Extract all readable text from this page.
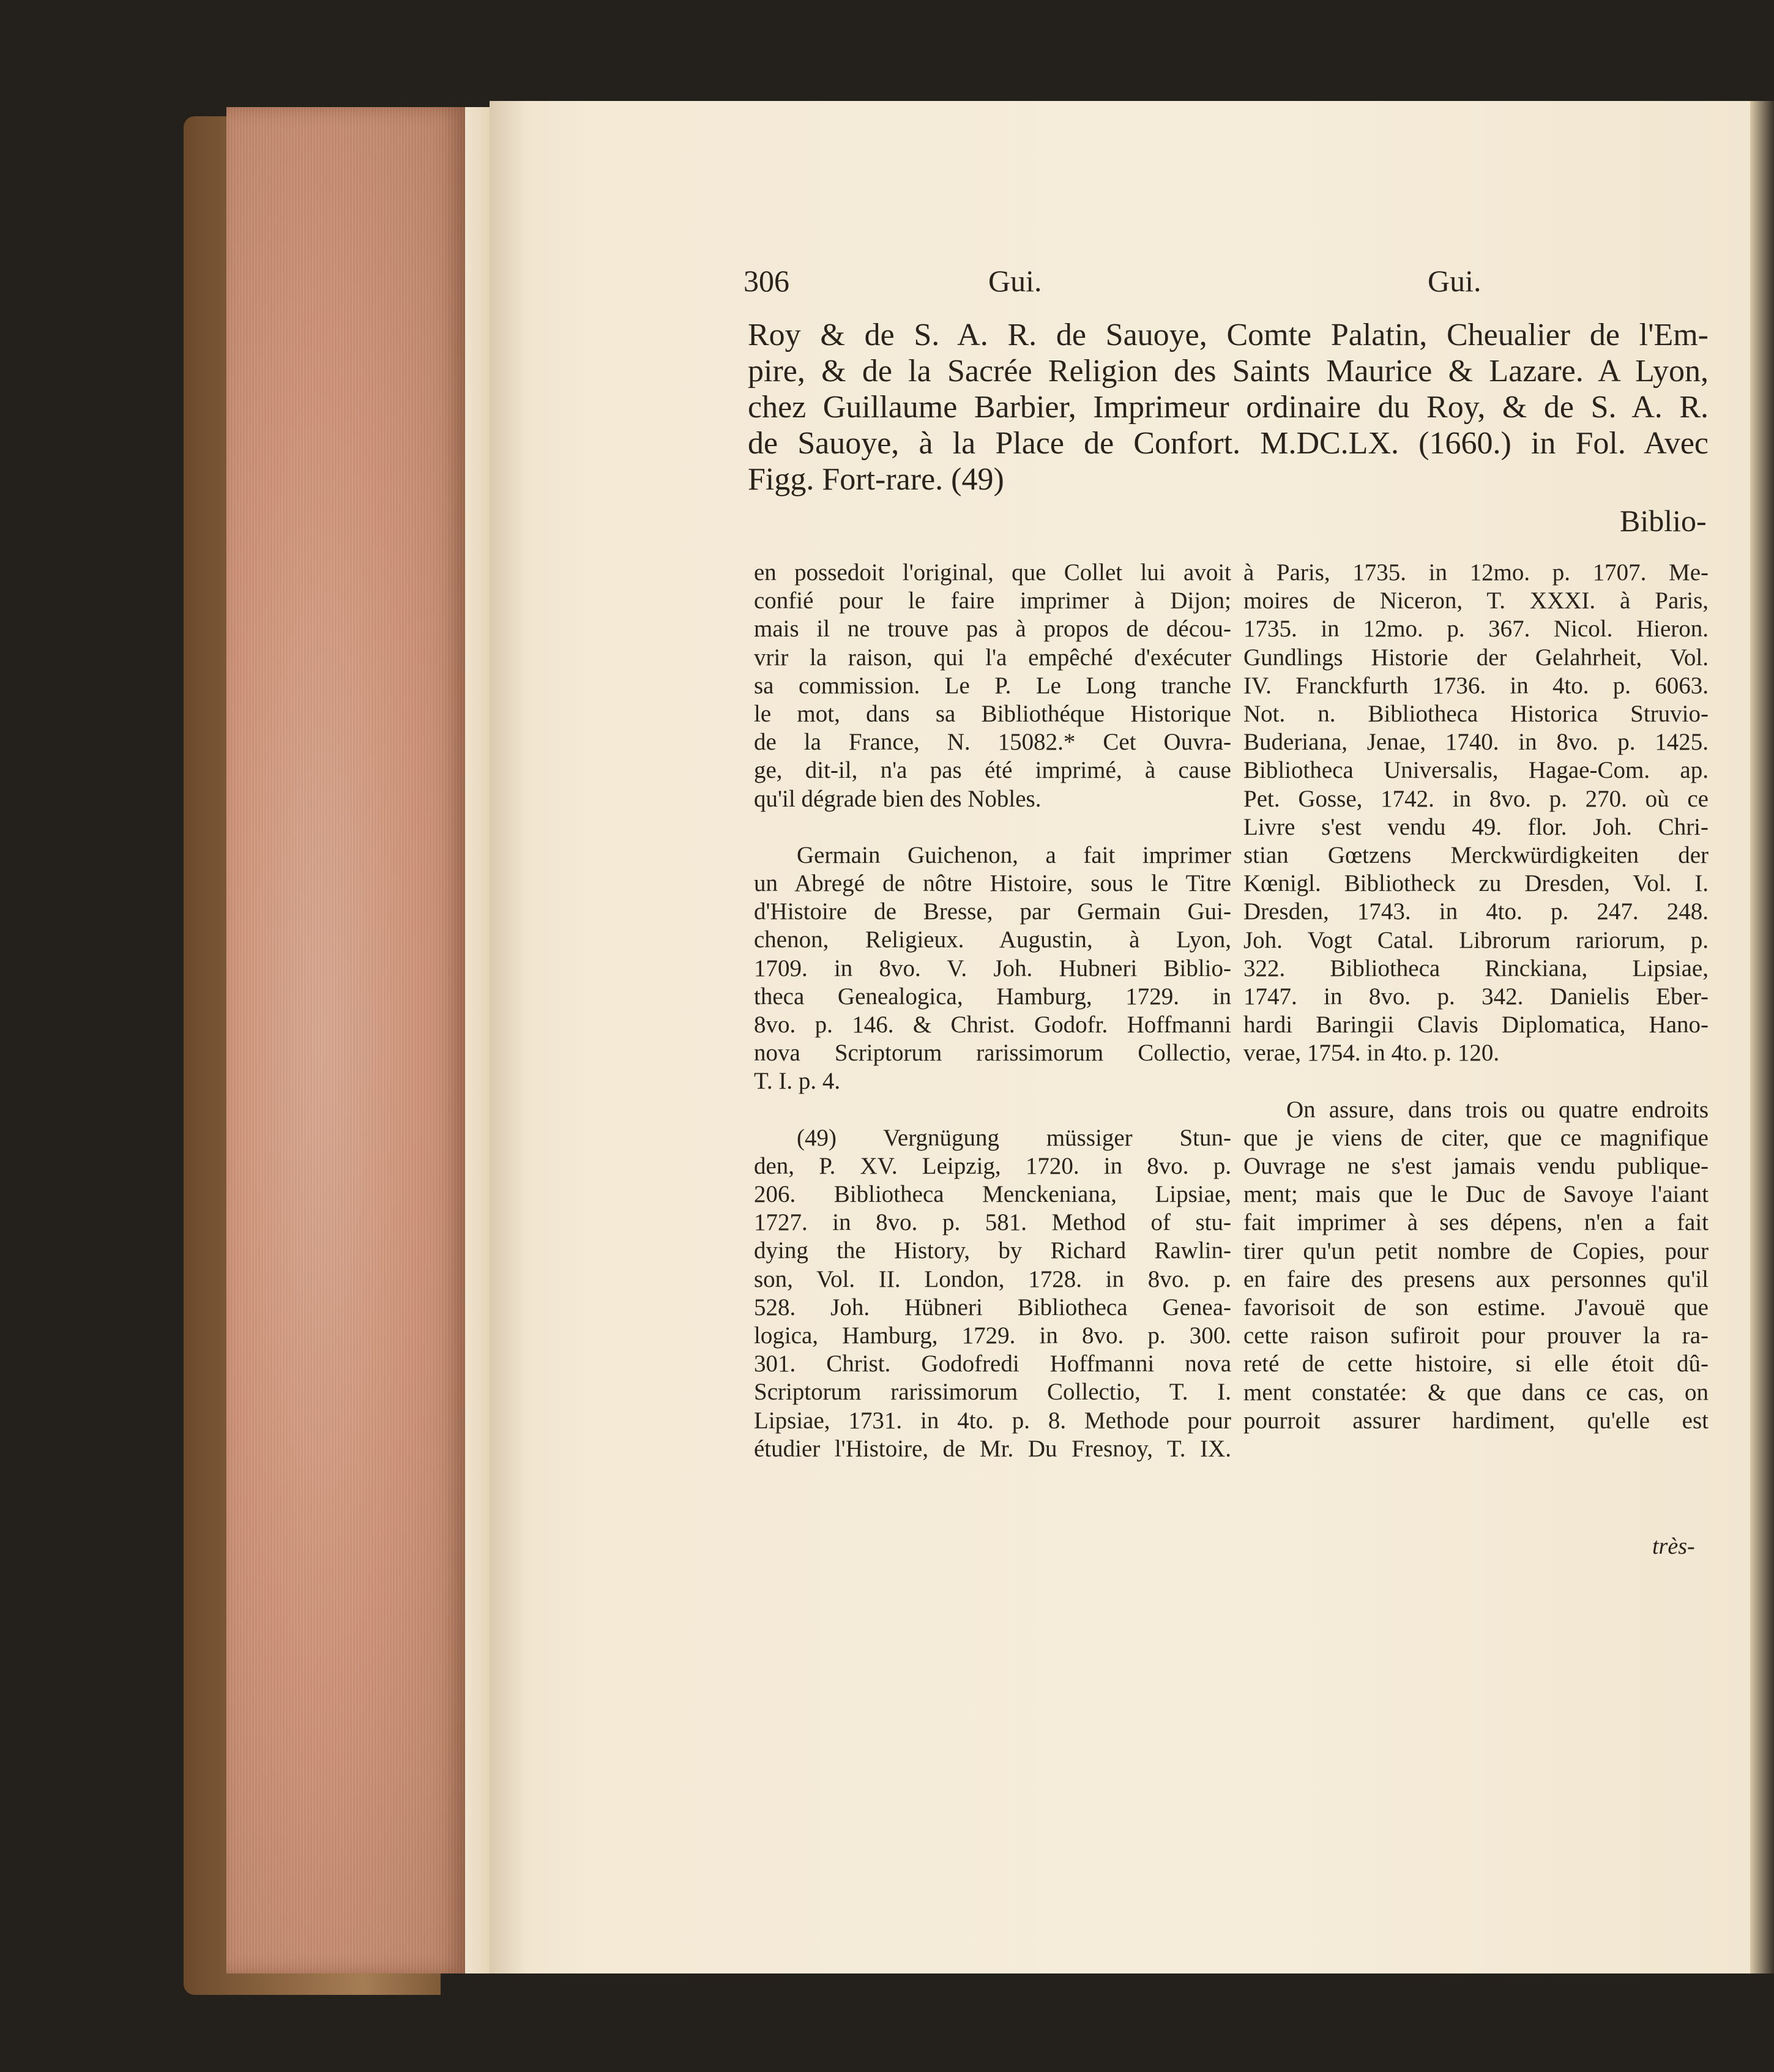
306	Gui.	Gui.
Roy & de S. A. R. de Sauoye, Comte Palatin, Cheualier de l'Em-
pire, & de la Sacrée Religion des Saints Maurice & Lazare. A Lyon,
chez Guillaume Barbier, Imprimeur ordinaire du Roy, & de S. A. R.
de Sauoye, à la Place de Confort. M.DC.LX. (1660.) in Fol. Avec
Figg. Fort-rare. (49)
Biblio-
en possedoit l'original, que Collet lui avoit
confié pour le faire imprimer à Dijon;
mais il ne trouve pas à propos de décou-
vrir la raison, qui l'a empêché d'exécuter
sa commission. Le P. Le Long tranche
le mot, dans sa Bibliothéque Historique
de la France, N. 15082.* Cet Ouvra-
ge, dit-il, n'a pas été imprimé, à cause
qu'il dégrade bien des Nobles.
Germain Guichenon, a fait imprimer
un Abregé de nôtre Histoire, sous le Titre
d'Histoire de Bresse, par Germain Gui-
chenon, Religieux. Augustin, à Lyon,
1709. in 8vo. V. Joh. Hubneri Biblio-
theca Genealogica, Hamburg, 1729. in
8vo. p. 146. & Christ. Godofr. Hoffmanni
nova Scriptorum rarissimorum Collectio,
T. I. p. 4.
(49) Vergnügung müssiger Stun-
den, P. XV. Leipzig, 1720. in 8vo. p.
206. Bibliotheca Menckeniana, Lipsiae,
1727. in 8vo. p. 581. Method of stu-
dying the History, by Richard Rawlin-
son, Vol. II. London, 1728. in 8vo. p.
528. Joh. Hübneri Bibliotheca Genea-
logica, Hamburg, 1729. in 8vo. p. 300.
301. Christ. Godofredi Hoffmanni nova
Scriptorum rarissimorum Collectio, T. I.
Lipsiae, 1731. in 4to. p. 8. Methode pour
étudier l'Histoire, de Mr. Du Fresnoy, T. IX.
à Paris, 1735. in 12mo. p. 1707. Me-
moires de Niceron, T. XXXI. à Paris,
1735. in 12mo. p. 367. Nicol. Hieron.
Gundlings Historie der Gelahrheit, Vol.
IV. Franckfurth 1736. in 4to. p. 6063.
Not. n. Bibliotheca Historica Struvio-
Buderiana, Jenae, 1740. in 8vo. p. 1425.
Bibliotheca Universalis, Hagae-Com. ap.
Pet. Gosse, 1742. in 8vo. p. 270. où ce
Livre s'est vendu 49. flor. Joh. Chri-
stian Gœtzens Merckwürdigkeiten der
Kœnigl. Bibliotheck zu Dresden, Vol. I.
Dresden, 1743. in 4to. p. 247. 248.
Joh. Vogt Catal. Librorum rariorum, p.
322. Bibliotheca Rinckiana, Lipsiae,
1747. in 8vo. p. 342. Danielis Eber-
hardi Baringii Clavis Diplomatica, Hano-
verae, 1754. in 4to. p. 120.
On assure, dans trois ou quatre endroits
que je viens de citer, que ce magnifique
Ouvrage ne s'est jamais vendu publique-
ment; mais que le Duc de Savoye l'aiant
fait imprimer à ses dépens, n'en a fait
tirer qu'un petit nombre de Copies, pour
en faire des presens aux personnes qu'il
favorisoit de son estime. J'avouë que
cette raison sufiroit pour prouver la ra-
reté de cette histoire, si elle étoit dû-
ment constatée: & que dans ce cas, on
pourroit assurer hardiment, qu'elle est
très-
